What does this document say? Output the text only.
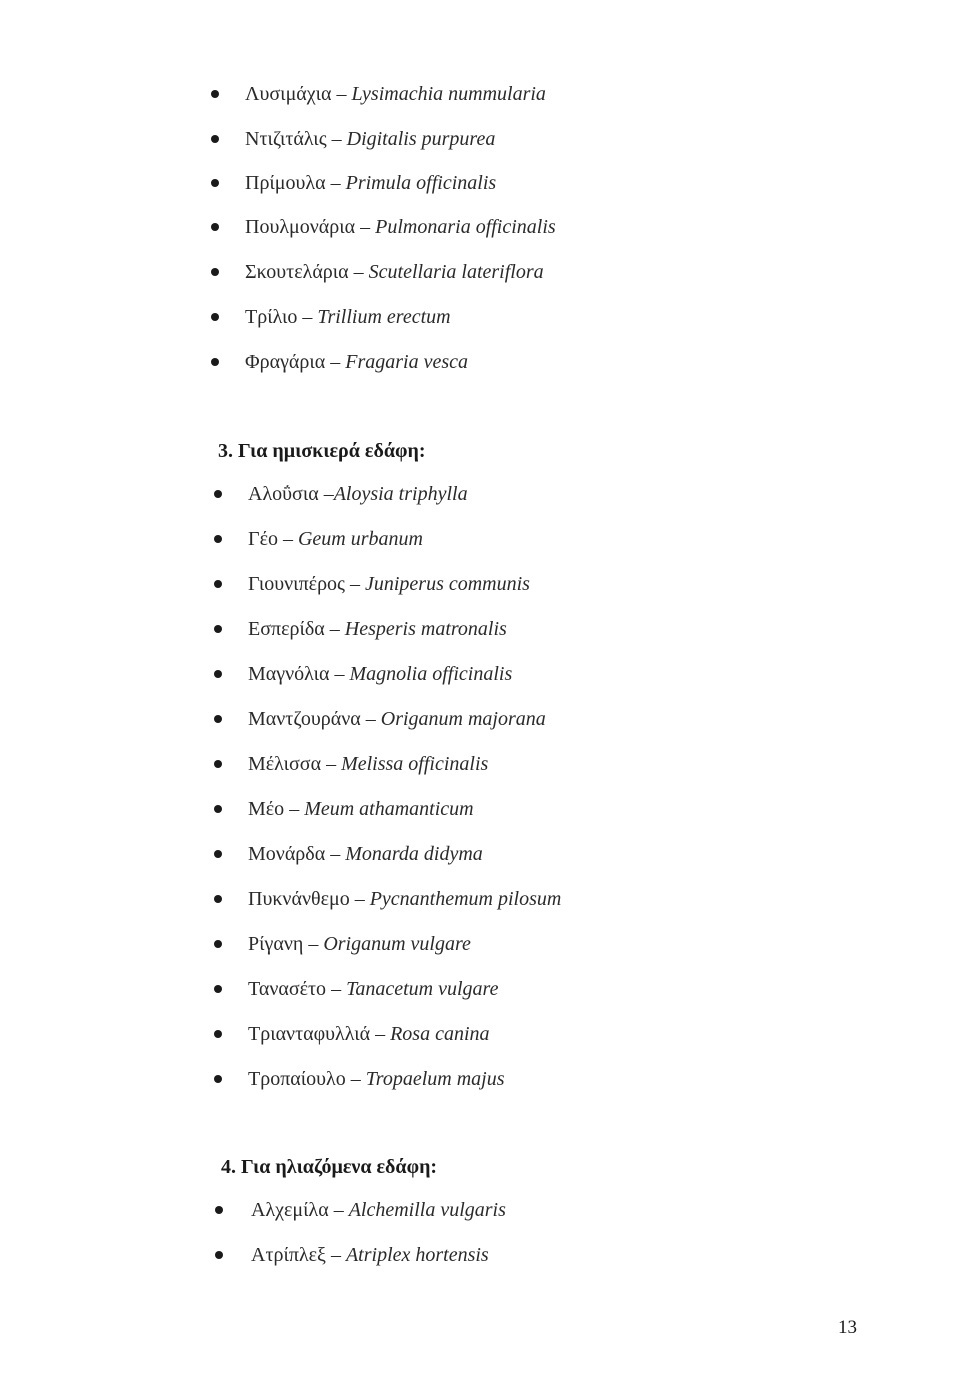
Λυσιμάχια – Lysimachia nummularia
Ντιζιτάλις – Digitalis purpurea
Πρίμουλα – Primula officinalis
Πουλμονάρια – Pulmonaria officinalis
Σκουτελάρια – Scutellaria lateriflora
Τρίλιο – Trillium erectum
Φραγάρια – Fragaria vesca
3. Για ημισκιερά εδάφη:
Αλοΰσια –Aloysia triphylla
Γέο – Geum urbanum
Γιουνιπέρος – Juniperus communis
Εσπερίδα – Hesperis matronalis
Μαγνόλια – Magnolia officinalis
Μαντζουράνα – Origanum majorana
Μέλισσα – Melissa officinalis
Μέο – Meum athamanticum
Μονάρδα – Monarda didyma
Πυκνάνθεμο – Pycnanthemum pilosum
Ρίγανη – Origanum vulgare
Τανασέτο – Tanacetum vulgare
Τριανταφυλλιά – Rosa canina
Τροπαίουλο – Tropaelum majus
4. Για ηλιαζόμενα εδάφη:
Αλχεμίλα – Alchemilla vulgaris
Ατρίπλεξ – Atriplex hortensis
13
